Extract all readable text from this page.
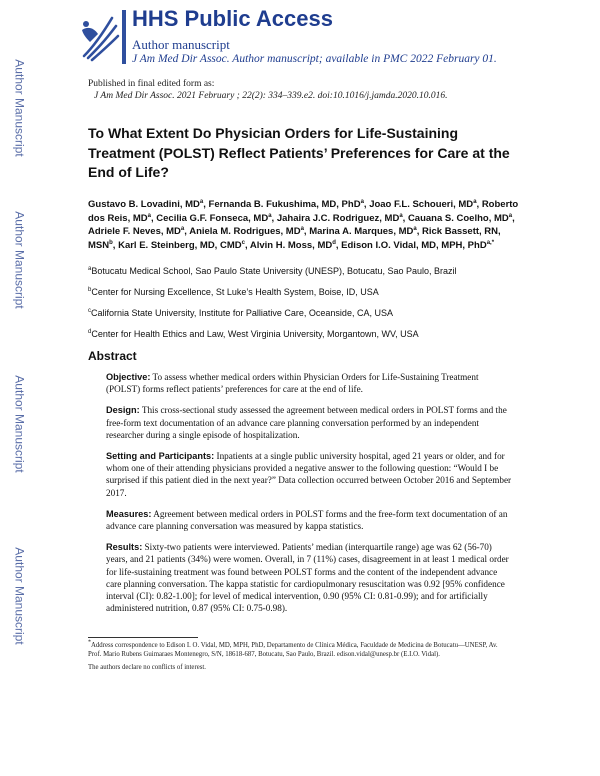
Author Manuscript
Author Manuscript
Author Manuscript
Author Manuscript
HHS Public Access
Author manuscript
J Am Med Dir Assoc. Author manuscript; available in PMC 2022 February 01.
Published in final edited form as:
J Am Med Dir Assoc. 2021 February ; 22(2): 334–339.e2. doi:10.1016/j.jamda.2020.10.016.
To What Extent Do Physician Orders for Life-Sustaining Treatment (POLST) Reflect Patients’ Preferences for Care at the End of Life?
Gustavo B. Lovadini, $MD^a$, Fernanda B. Fukushima, MD, PhD$^a$, Joao F.L. Schoueri, $MD^a$, Roberto dos Reis, $MD^a$, Cecilia G.F. Fonseca, $MD^a$, Jahaira J.C. Rodriguez, $MD^a$, Cauana S. Coelho, $MD^a$, Adriele F. Neves, $MD^a$, Aniela M. Rodrigues, $MD^a$, Marina A. Marques, $MD^a$, Rick Bassett, RN, MSN$^b$, Karl E. Steinberg, MD, CMD$^c$, Alvin H. Moss, $MD^d$, Edison I.O. Vidal, MD, MPH, PhD$^{a,*}$

$^a$Botucatu Medical School, Sao Paulo State University (UNESP), Botucatu, Sao Paulo, Brazil

$^b$Center for Nursing Excellence, St Luke’s Health System, Boise, ID, USA

$^c$California State University, Institute for Palliative Care, Oceanside, CA, USA

$^d$Center for Health Ethics and Law, West Virginia University, Morgantown, WV, USA

Abstract

Objective: To assess whether medical orders within Physician Orders for Life-Sustaining Treatment (POLST) forms reflect patients’ preferences for care at the end of life.

Design: This cross-sectional study assessed the agreement between medical orders in POLST forms and the free-form text documentation of an advance care planning conversation performed by an independent researcher during a single episode of hospitalization.

Setting and Participants: Inpatients at a single public university hospital, aged 21 years or older, and for whom one of their attending physicians provided a negative answer to the following question: “Would I be surprised if this patient died in the next year?” Data collection occurred between October 2016 and September 2017.

Measures: Agreement between medical orders in POLST forms and the free-form text documentation of an advance care planning conversation was measured by kappa statistics.

Results: Sixty-two patients were interviewed. Patients’ median (interquartile range) age was 62 (56-70) years, and 21 patients (34%) were women. Overall, in 7 (11%) cases, disagreement in at least 1 medical order for life-sustaining treatment was found between POLST forms and the content of the independent advance care planning conversation. The kappa statistic for cardiopulmonary resuscitation was 0.92 [95% confidence interval (CI): 0.82-1.00]; for level of medical intervention, 0.90 (95% CI: 0.81-0.99); and for artificially administered nutrition, 0.87 (95% CI: 0.75-0.98).

*Address correspondence to Edison I. O. Vidal, MD, MPH, PhD, Departamento de Clínica Médica, Faculdade de Medicina de Botucatu—UNESP, Av. Prof. Mario Rubens Guimaraes Montenegro, S/N, 18618-687, Botucatu, Sao Paulo, Brazil. edison.vidal@unesp.br (E.I.O. Vidal).

The authors declare no conflicts of interest.
